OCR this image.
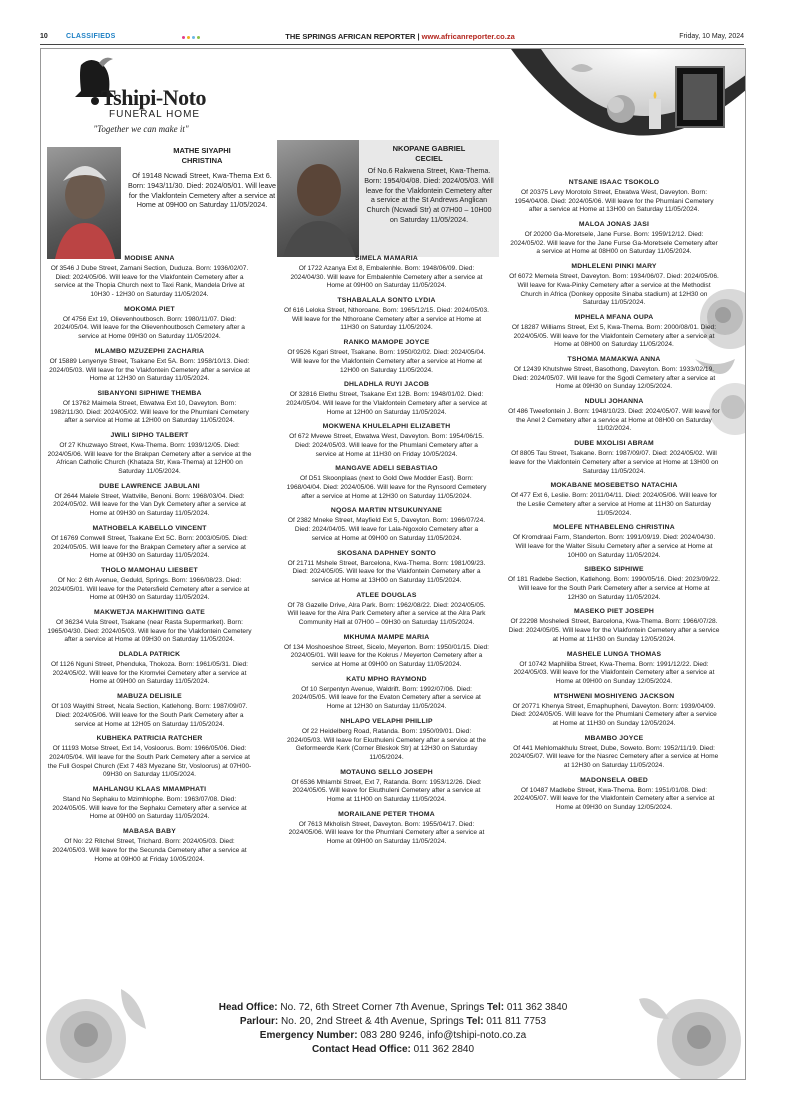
10	CLASSIFIEDS	THE SPRINGS AFRICAN REPORTER | www.africanreporter.co.za	Friday, 10 May, 2024
Tshipi-Noto
FUNERAL HOME
"Together we can make it"
MATHE SIYAPHI
CHRISTINA
Of 19148 Ncwadi Street, Kwa-Thema Ext 6. Born: 1943/11/30. Died: 2024/05/01. Will leave for the Vlakfontein Cemetery after a service at Home at 09H00 on Saturday 11/05/2024.
NKOPANE GABRIEL
CECIEL
Of No.6 Rakwena Street, Kwa-Thema. Born: 1954/04/08. Died: 2024/05/03. Will leave for the Vlakfontein Cemetery after a service at the St Andrews Anglican Church (Ncwadi Str) at 07H00 – 10H00 on Saturday 11/05/2024.
MODISE ANNA
Of 3546 J Dube Street, Zamani Section, Duduza. Born: 1936/02/07. Died: 2024/05/06. Will leave for the Vlakfontein Cemetery after a service at the Thopia Church next to Taxi Rank, Mandela Drive at 10H30 - 12H30 on Saturday 11/05/2024.
MOKOMA PIET
Of 4756 Ext 19, Olievenhoutbosch. Born: 1980/11/07. Died: 2024/05/04. Will leave for the Olievenhoutbosch Cemetery after a service at Home 09H30 on Saturday 11/05/2024.
MLAMBO MZUZEPHI ZACHARIA
Of 15889 Lenyenye Street, Tsakane Ext 5A. Born: 1958/10/13. Died: 2024/05/03. Will leave for the Vlakfontein Cemetery after a service at Home at 12H30 on Saturday 11/05/2024.
SIBANYONI SIPHIWE THEMBA
Of 13762 Maimela Street, Etwatwa Ext 10, Daveyton. Born: 1982/11/30. Died: 2024/05/02. Will leave for the Phumlani Cemetery after a service at Home at 12H00 on Saturday 11/05/2024.
JWILI SIPHO TALBERT
Of 27 Khuzwayo Street, Kwa-Thema. Born: 1939/12/05. Died: 2024/05/06. Will leave for the Brakpan Cemetery after a service at the African Catholic Church (Khataza Str, Kwa-Thema) at 12H00 on Saturday 11/05/2024.
DUBE LAWRENCE JABULANI
Of 2644 Malele Street, Wattville, Benoni. Born: 1968/03/04. Died: 2024/05/02. Will leave for the Van Dyk Cemetery after a service at Home at 09H30 on Saturday 11/05/2024.
MATHOBELA KABELLO VINCENT
Of 16769 Comwell Street, Tsakane Ext 5C. Born: 2003/05/05. Died: 2024/05/05. Will leave for the Brakpan Cemetery after a service at Home at 09H30 on Saturday 11/05/2024.
THOLO MAMOHAU LIESBET
Of No: 2 6th Avenue, Geduld, Springs. Born: 1966/08/23. Died: 2024/05/01. Will leave for the Petersfield Cemetery after a service at Home at 09H30 on Saturday 11/05/2024.
MAKWETJA MAKHWITING GATE
Of 36234 Vula Street, Tsakane (near Rasta Supermarket). Born: 1965/04/30. Died: 2024/05/03. Will leave for the Vlakfontein Cemetery after a service at Home at 09H30 on Saturday 11/05/2024.
DLADLA PATRICK
Of 1126 Nguni Street, Phenduka, Thokoza. Born: 1961/05/31. Died: 2024/05/02. Will leave for the Kromvlei Cemetery after a service at Home at 09H00 on Saturday 11/05/2024.
MABUZA DELISILE
Of 103 Wayithi Street, Ncala Section, Katlehong. Born: 1987/09/07. Died: 2024/05/06. Will leave for the South Park Cemetery after a service at Home at 12H05 on Saturday 11/05/2024.
KUBHEKA PATRICIA RATCHER
Of 11193 Motse Street, Ext 14, Vosloorus. Born: 1966/05/06. Died: 2024/05/04. Will leave for the South Park Cemetery after a service at the Full Gospel Church (Ext 7 483 Myezane Str, Vosloorus) at 07H00-09H30 on Saturday 11/05/2024.
MAHLANGU KLAAS MMAMPHATI
Stand No Sephaku to Mzimhlophe. Born: 1963/07/08. Died: 2024/05/05. Will leave for the Sephaku Cemetery after a service at Home at 09H00 on Saturday 11/05/2024.
MABASA BABY
Of No: 22 Ritchel Street, Trichard. Born: 2024/05/03. Died: 2024/05/03. Will leave for the Secunda Cemetery after a service at Home at 09H00 at Friday 10/05/2024.
SIMELA MAMARIA
Of 1722 Azanya Ext 8, Embalenhle. Born: 1948/06/09. Died: 2024/04/30. Will leave for Embalenhle Cemetery after a service at Home at 09H00 on Saturday 11/05/2024.
TSHABALALA SONTO LYDIA
Of 616 Leloka Street, Nthoroane. Born: 1965/12/15. Died: 2024/05/03. Will leave for the Nthoroane Cemetery after a service at Home at 11H30 on Saturday 11/05/2024.
RANKO MAMOPE JOYCE
Of 9526 Kgari Street, Tsakane. Born: 1950/02/02. Died: 2024/05/04. Will leave for the Vlakfontein Cemetery after a service at Home at 12H00 on Saturday 11/05/2024.
DHLADHLA RUYI JACOB
Of 32816 Elethu Street, Tsakane Ext 12B. Born: 1948/01/02. Died: 2024/05/04. Will leave for the Vlakfontein Cemetery after a service at Home at 12H00 on Saturday 11/05/2024.
MOKWENA KHULELAPHI ELIZABETH
Of 672 Mvewe Street, Etwatwa West, Daveyton. Born: 1954/06/15. Died: 2024/05/03. Will leave for the Phumlani Cemetery after a service at Home at 11H30 on Friday 10/05/2024.
MANGAVE ADELI SEBASTIAO
Of D51 Skoonplaas (next to Gold Owe Modder East). Born: 1968/04/04. Died: 2024/05/06. Will leave for the Rynsoord Cemetery after a service at Home at 12H30 on Saturday 11/05/2024.
NQOSA MARTIN NTSUKUNYANE
Of 2382 Mneke Street, Mayfield Ext 5, Daveyton. Born: 1966/07/24. Died: 2024/04/05. Will leave for Lala-Ngoxolo Cemetery after a service at Home at 09H00 on Saturday 11/05/2024.
SKOSANA DAPHNEY SONTO
Of 21711 Mshele Street, Barcelona, Kwa-Thema. Born: 1981/09/23. Died: 2024/05/05. Will leave for the Vlakfontein Cemetery after a service at Home at 13H00 on Saturday 11/05/2024.
ATLEE DOUGLAS
Of 78 Gazelle Drive, Alra Park. Born: 1962/08/22. Died: 2024/05/05. Will leave for the Alra Park Cemetery after a service at the Alra Park Community Hall at 07H00 – 09H30 on Saturday 11/05/2024.
MKHUMA MAMPE MARIA
Of 134 Moshoeshoe Street, Sicelo, Meyerton. Born: 1950/01/15. Died: 2024/05/01. Will leave for the Kokrus / Meyerton Cemetery after a service at Home at 09H00 on Saturday 11/05/2024.
KATU MPHO RAYMOND
Of 10 Serpentyn Avenue, Waldrift. Born: 1992/07/06. Died: 2024/05/05. Will leave for the Evaton Cemetery after a service at Home at 12H30 on Saturday 11/05/2024.
NHLAPO VELAPHI PHILLIP
Of 22 Heidelberg Road, Ratanda. Born: 1950/09/01. Died: 2024/05/03. Will leave for Ekuthuleni Cemetery after a service at the Geformeerde Kerk (Corner Bleskok Str) at 12H30 on Saturday 11/05/2024.
MOTAUNG SELLO JOSEPH
Of 6536 Mhlambi Street, Ext 7, Ratanda. Born: 1953/12/26. Died: 2024/05/05. Will leave for Ekuthuleni Cemetery after a service at Home at 11H00 on Saturday 11/05/2024.
MORAILANE PETER THOMA
Of 7613 Mkholish Street, Daveyton. Born: 1955/04/17. Died: 2024/05/06. Will leave for the Phumlani Cemetery after a service at Home at 09H00 on Saturday 11/05/2024.
NTSANE ISAAC TSOKOLO
Of 20375 Levy Morotolo Street, Etwatwa West, Daveyton. Born: 1954/04/08. Died: 2024/05/06. Will leave for the Phumlani Cemetery after a service at Home at 13H00 on Saturday 11/05/2024.
MALOA JONAS JASI
Of 20200 Ga-Moretsele, Jane Furse. Born: 1959/12/12. Died: 2024/05/02. Will leave for the Jane Furse Ga-Moretsele Cemetery after a service at Home at 08H00 on Saturday 11/05/2024.
MDHLELENI PINKI MARY
Of 6072 Memela Street, Daveyton. Born: 1934/06/07. Died: 2024/05/06. Will leave for Kwa-Pinky Cemetery after a service at the Methodist Church in Africa (Donkey opposite Sinaba stadium) at 12H30 on Saturday 11/05/2024.
MPHELA MFANA OUPA
Of 18287 Williams Street, Ext 5, Kwa-Thema. Born: 2000/08/01. Died: 2024/05/05. Will leave for the Vlakfontein Cemetery after a service at Home at 08H00 on Saturday 11/05/2024.
TSHOMA MAMAKWA ANNA
Of 12439 Khutshwe Street, Basothong, Daveyton. Born: 1933/02/19. Died: 2024/05/07. Will leave for the Sgodi Cemetery after a service at Home at 09H30 on Sunday 12/05/2024.
NDULI JOHANNA
Of 486 Tweefontein J. Born: 1948/10/23. Died: 2024/05/07. Will leave for the Anel 2 Cemetery after a service at Home at 08H00 on Saturday 11/02/2024.
DUBE MXOLISI ABRAM
Of 8805 Tau Street, Tsakane. Born: 1987/09/07. Died: 2024/05/02. Will leave for the Vlakfontein Cemetery after a service at Home at 13H00 on Saturday 11/05/2024.
MOKABANE MOSEBETSO NATACHIA
Of 477 Ext 6, Leslie. Born: 2011/04/11. Died: 2024/05/06. Will leave for the Leslie Cemetery after a service at Home at 11H30 on Saturday 11/05/2024.
MOLEFE NTHABELENG CHRISTINA
Of Kromdraai Farm, Standerton. Born: 1991/09/19. Died: 2024/04/30. Will leave for the Walter Sisulu Cemetery after a service at Home at 10H00 on Saturday 11/05/2024.
SIBEKO SIPHIWE
Of 181 Radebe Section, Katlehong. Born: 1990/05/16. Died: 2023/09/22. Will leave for the South Park Cemetery after a service at Home at 12H30 on Saturday 11/05/2024.
MASEKO PIET JOSEPH
Of 22298 Mosheledi Street, Barcelona, Kwa-Thema. Born: 1966/07/28. Died: 2024/05/05. Will leave for the Vlakfontein Cemetery after a service at Home at 11H30 on Sunday 12/05/2024.
MASHELE LUNGA THOMAS
Of 10742 Maphiliba Street, Kwa-Thema. Born: 1991/12/22. Died: 2024/05/03. Will leave for the Vlakfontein Cemetery after a service at Home at 09H00 on Sunday 12/05/2024.
MTSHWENI MOSHIYENG JACKSON
Of 20771 Khenya Street, Emaphupheni, Daveyton. Born: 1939/04/09. Died: 2024/05/05. Will leave for the Phumlani Cemetery after a service at Home at 11H30 on Sunday 12/05/2024.
MBAMBO JOYCE
Of 441 Mehlomakhulu Street, Dube, Soweto. Born: 1952/11/19. Died: 2024/05/07. Will leave for the Nasrec Cemetery after a service at Home at 12H30 on Saturday 11/05/2024.
MADONSELA OBED
Of 10487 Madlebe Street, Kwa-Thema. Born: 1951/01/08. Died: 2024/05/07. Will leave for the Vlakfontein Cemetery after a service at Home at 09H30 on Sunday 12/05/2024.
Head Office: No. 72, 6th Street Corner 7th Avenue, Springs Tel: 011 362 3840
Parlour: No. 20, 2nd Street & 4th Avenue, Springs Tel: 011 811 7753
Emergency Number: 083 280 9246, info@tshipi-noto.co.za
Contact Head Office: 011 362 2840
